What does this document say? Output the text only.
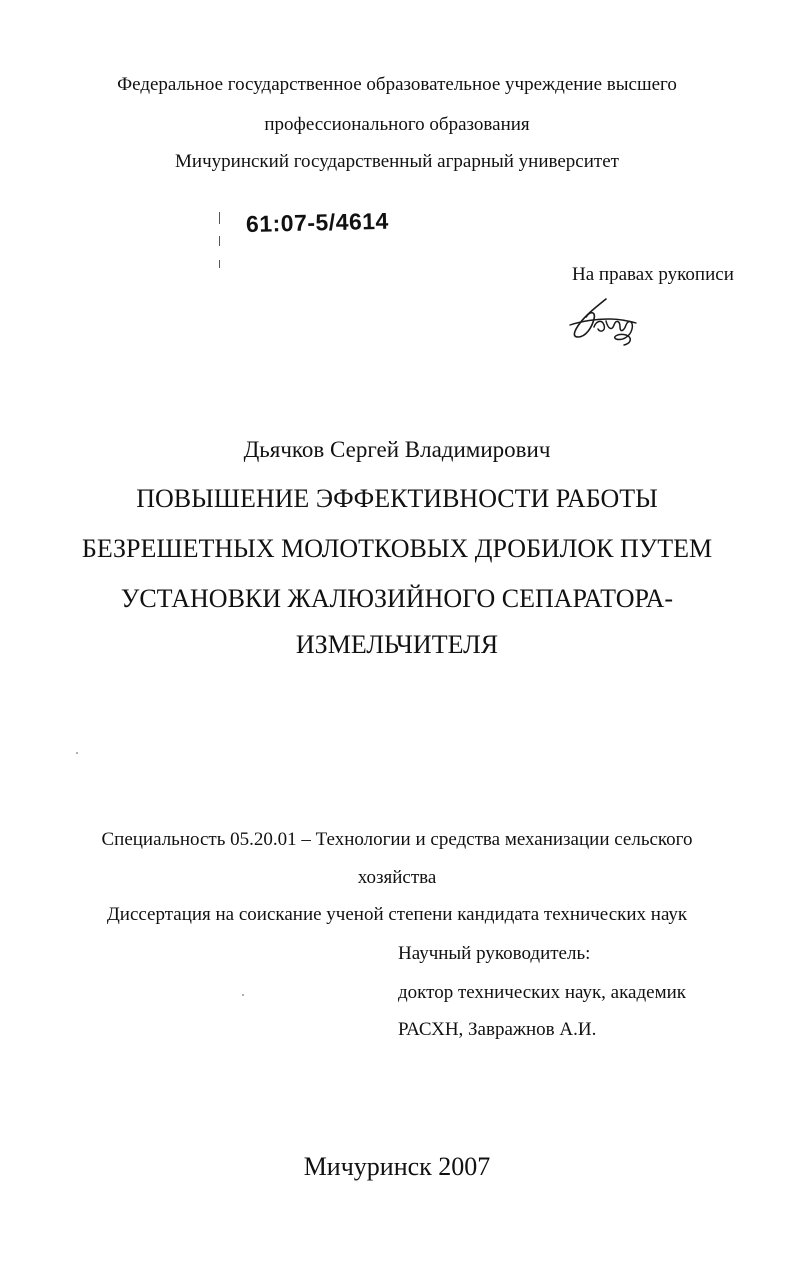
Федеральное государственное образовательное учреждение высшего
профессионального образования
Мичуринский государственный аграрный университет
61:07-5/4614
На правах рукописи
Дьячков Сергей Владимирович
ПОВЫШЕНИЕ ЭФФЕКТИВНОСТИ РАБОТЫ
БЕЗРЕШЕТНЫХ МОЛОТКОВЫХ ДРОБИЛОК ПУТЕМ
УСТАНОВКИ ЖАЛЮЗИЙНОГО СЕПАРАТОРА-
ИЗМЕЛЬЧИТЕЛЯ
Специальность 05.20.01 – Технологии и средства механизации сельского
хозяйства
Диссертация на соискание ученой степени кандидата технических наук
Научный руководитель:
доктор технических наук, академик
РАСХН, Завражнов А.И.
Мичуринск 2007
